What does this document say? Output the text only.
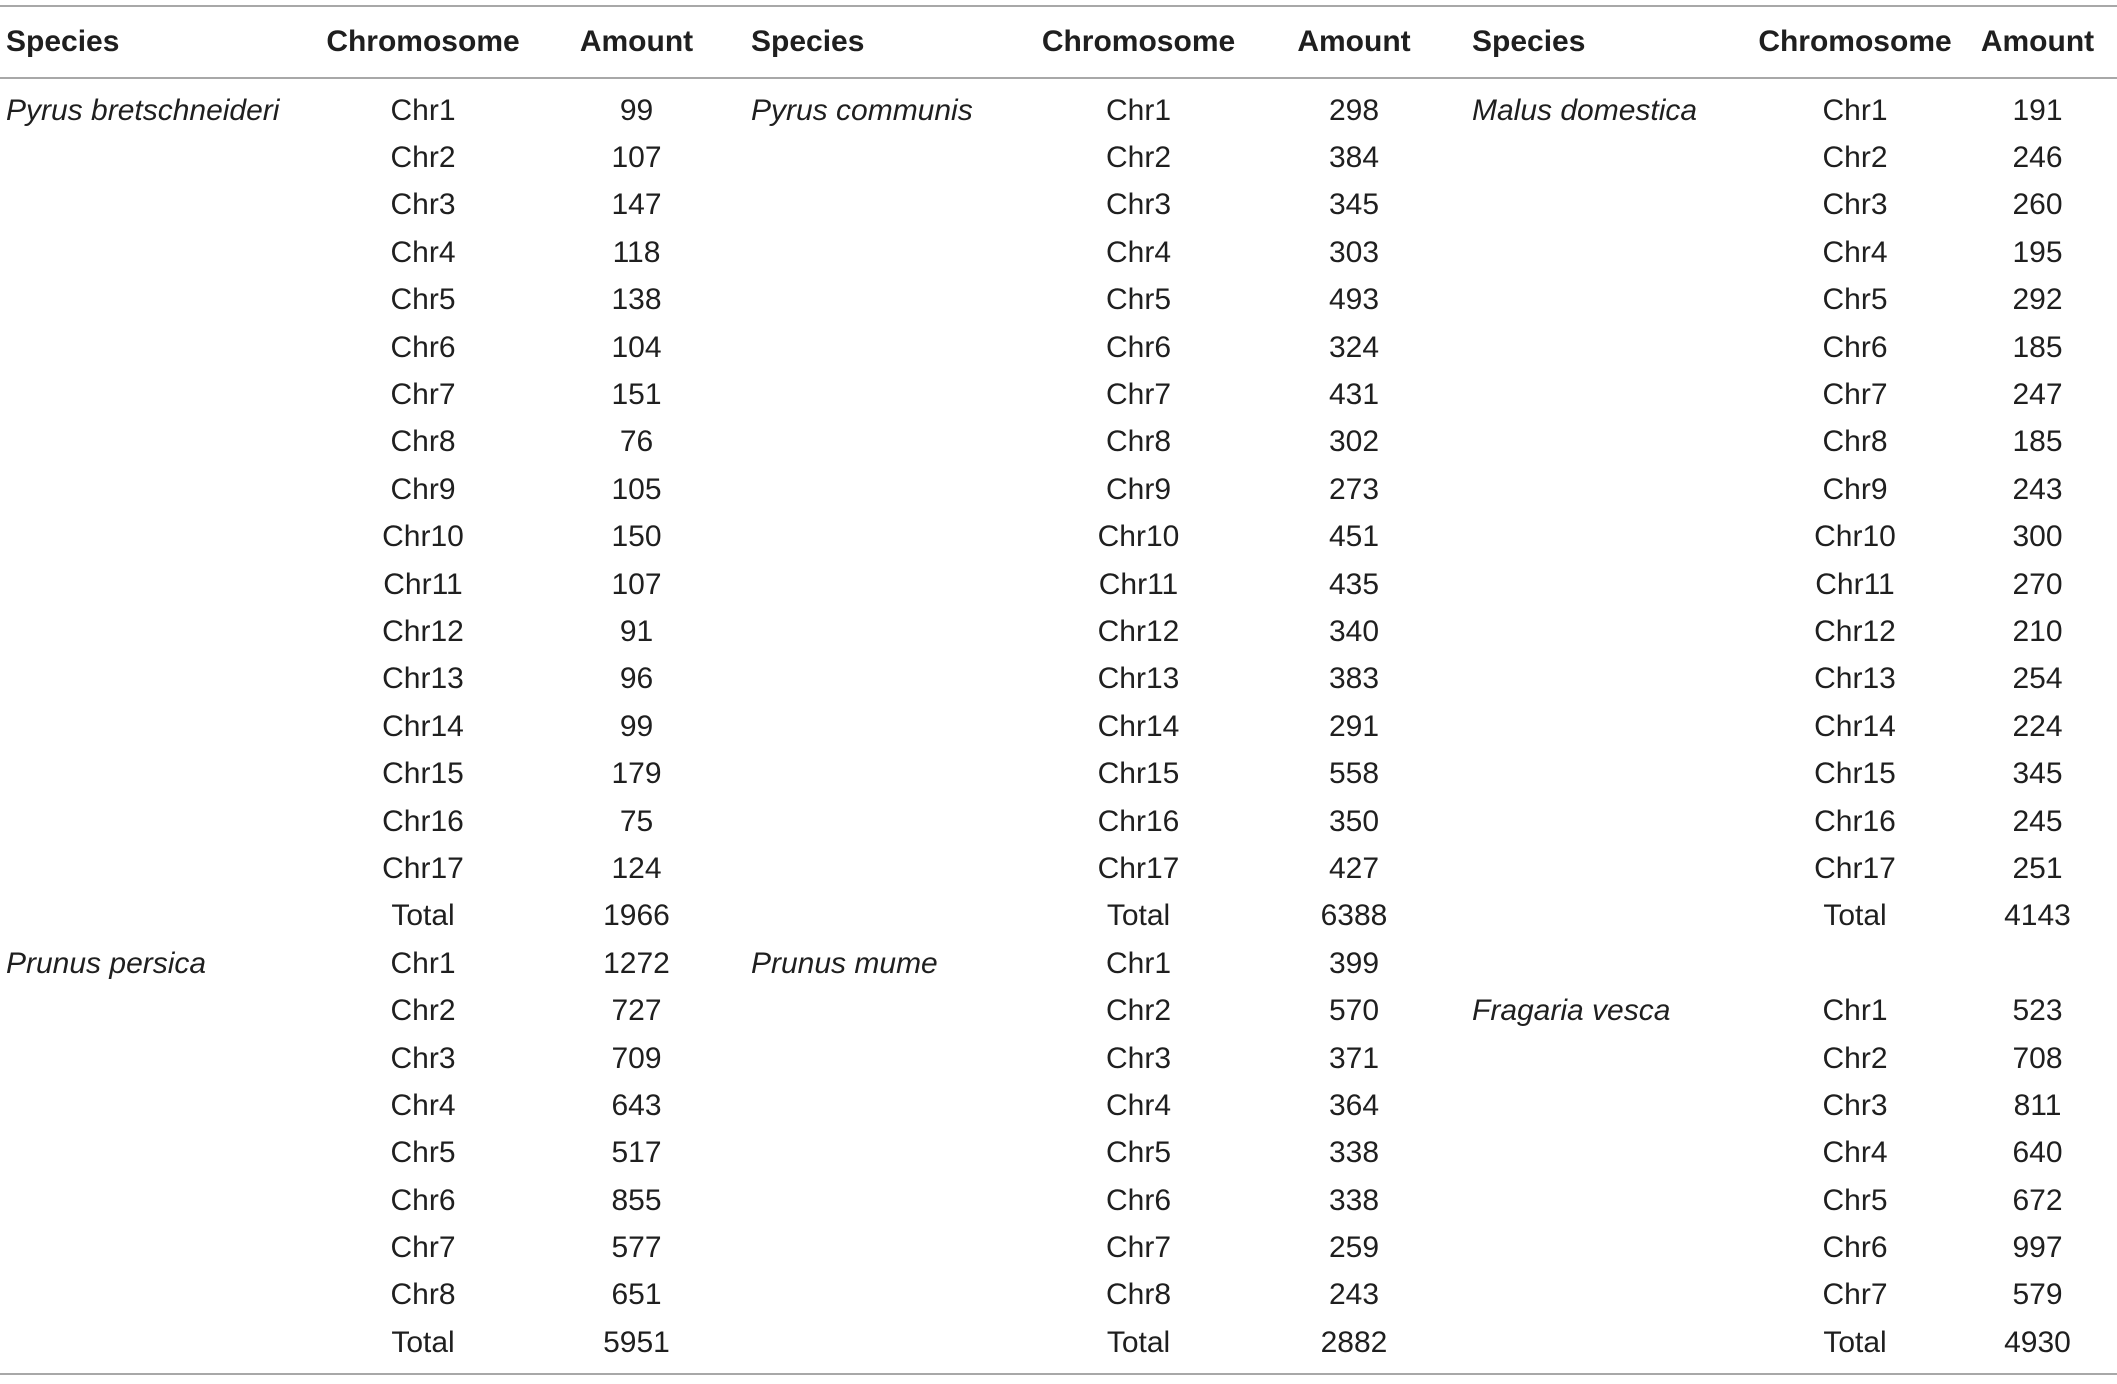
Species	Chromosome	Amount	Species	Chromosome	Amount	Species	Chromosome	Amount
Pyrus bretschneideri	Chr1	99	Pyrus communis	Chr1	298	Malus domestica	Chr1	191
	Chr2	107		Chr2	384		Chr2	246
	Chr3	147		Chr3	345		Chr3	260
	Chr4	118		Chr4	303		Chr4	195
	Chr5	138		Chr5	493		Chr5	292
	Chr6	104		Chr6	324		Chr6	185
	Chr7	151		Chr7	431		Chr7	247
	Chr8	76		Chr8	302		Chr8	185
	Chr9	105		Chr9	273		Chr9	243
	Chr10	150		Chr10	451		Chr10	300
	Chr11	107		Chr11	435		Chr11	270
	Chr12	91		Chr12	340		Chr12	210
	Chr13	96		Chr13	383		Chr13	254
	Chr14	99		Chr14	291		Chr14	224
	Chr15	179		Chr15	558		Chr15	345
	Chr16	75		Chr16	350		Chr16	245
	Chr17	124		Chr17	427		Chr17	251
	Total	1966		Total	6388		Total	4143
Prunus persica	Chr1	1272	Prunus mume	Chr1	399			
	Chr2	727		Chr2	570	Fragaria vesca	Chr1	523
	Chr3	709		Chr3	371		Chr2	708
	Chr4	643		Chr4	364		Chr3	811
	Chr5	517		Chr5	338		Chr4	640
	Chr6	855		Chr6	338		Chr5	672
	Chr7	577		Chr7	259		Chr6	997
	Chr8	651		Chr8	243		Chr7	579
	Total	5951		Total	2882		Total	4930
